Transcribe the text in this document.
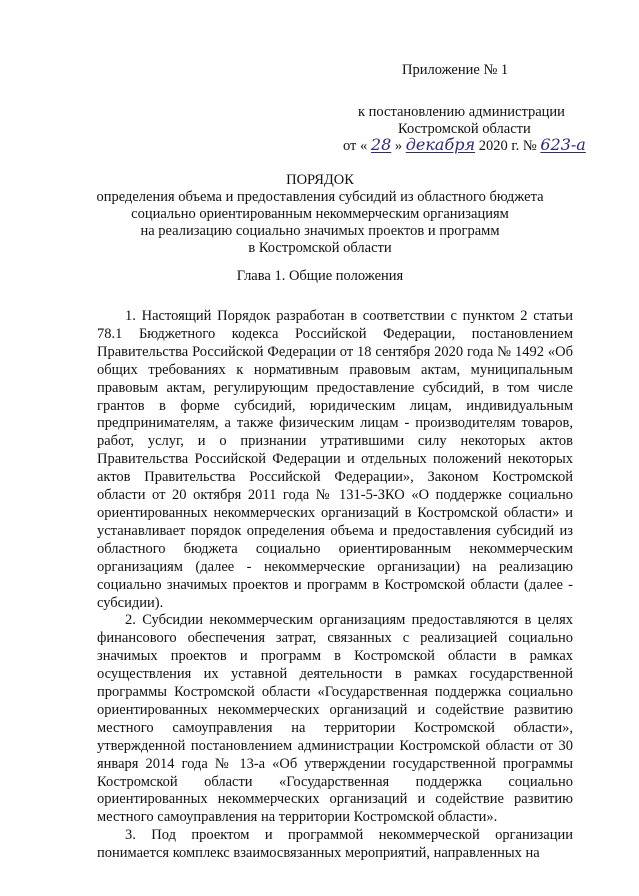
Приложение № 1
к постановлению администрации
Костромской области
от « 28 » декабря 2020 г. № 623-а
ПОРЯДОК
определения объема и предоставления субсидий из областного бюджета
социально ориентированным некоммерческим организациям
на реализацию социально значимых проектов и программ
в Костромской области
Глава 1. Общие положения

1. Настоящий Порядок разработан в соответствии с пунктом 2 статьи 78.1 Бюджетного кодекса Российской Федерации, постановлением Правительства Российской Федерации от 18 сентября 2020 года № 1492 «Об общих требованиях к нормативным правовым актам, муниципальным правовым актам, регулирующим предоставление субсидий, в том числе грантов в форме субсидий, юридическим лицам, индивидуальным предпринимателям, а также физическим лицам - производителям товаров, работ, услуг, и о признании утратившими силу некоторых актов Правительства Российской Федерации и отдельных положений некоторых актов Правительства Российской Федерации», Законом Костромской области от 20 октября 2011 года № 131-5-ЗКО «О поддержке социально ориентированных некоммерческих организаций в Костромской области» и устанавливает порядок определения объема и предоставления субсидий из областного бюджета социально ориентированным некоммерческим организациям (далее - некоммерческие организации) на реализацию социально значимых проектов и программ в Костромской области (далее - субсидии).

2. Субсидии некоммерческим организациям предоставляются в целях финансового обеспечения затрат, связанных с реализацией социально значимых проектов и программ в Костромской области в рамках осуществления их уставной деятельности в рамках государственной программы Костромской области «Государственная поддержка социально ориентированных некоммерческих организаций и содействие развитию местного самоуправления на территории Костромской области», утвержденной постановлением администрации Костромской области от 30 января 2014 года № 13-а «Об утверждении государственной программы Костромской области «Государственная поддержка социально ориентированных некоммерческих организаций и содействие развитию местного самоуправления на территории Костромской области».

3. Под проектом и программой некоммерческой организации понимается комплекс взаимосвязанных мероприятий, направленных на
